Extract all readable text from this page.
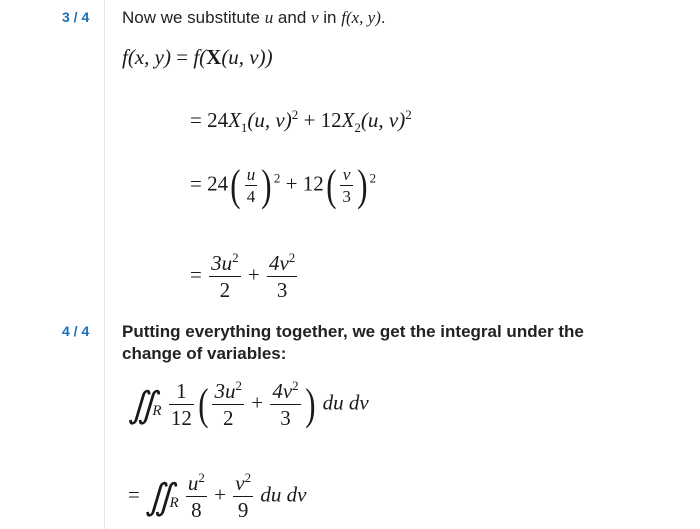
3 / 4 Now we substitute u and v in f(x, y).
f(x, y) = f(X(u, v))
= $24X_1(u$, $v)^2 + 12X_2(u$, v)$^2$
= $24( \frac{u}{4}$ ) $^2 + 12( \frac{v}{3}$ ) $^2$
= $\frac{3u^2}{2} + \frac{4v^2}{3}$
4 / 4 Putting everything together, we get the integral under the change of variables:
∬ $_R \frac{1}{12}$ ( $\frac{3u^2}{2} + \frac{4v^2}{3}$ ) du dv
= ∬ $_R \frac{u^2}{8} + \frac{v^2}{9}$ du dv
